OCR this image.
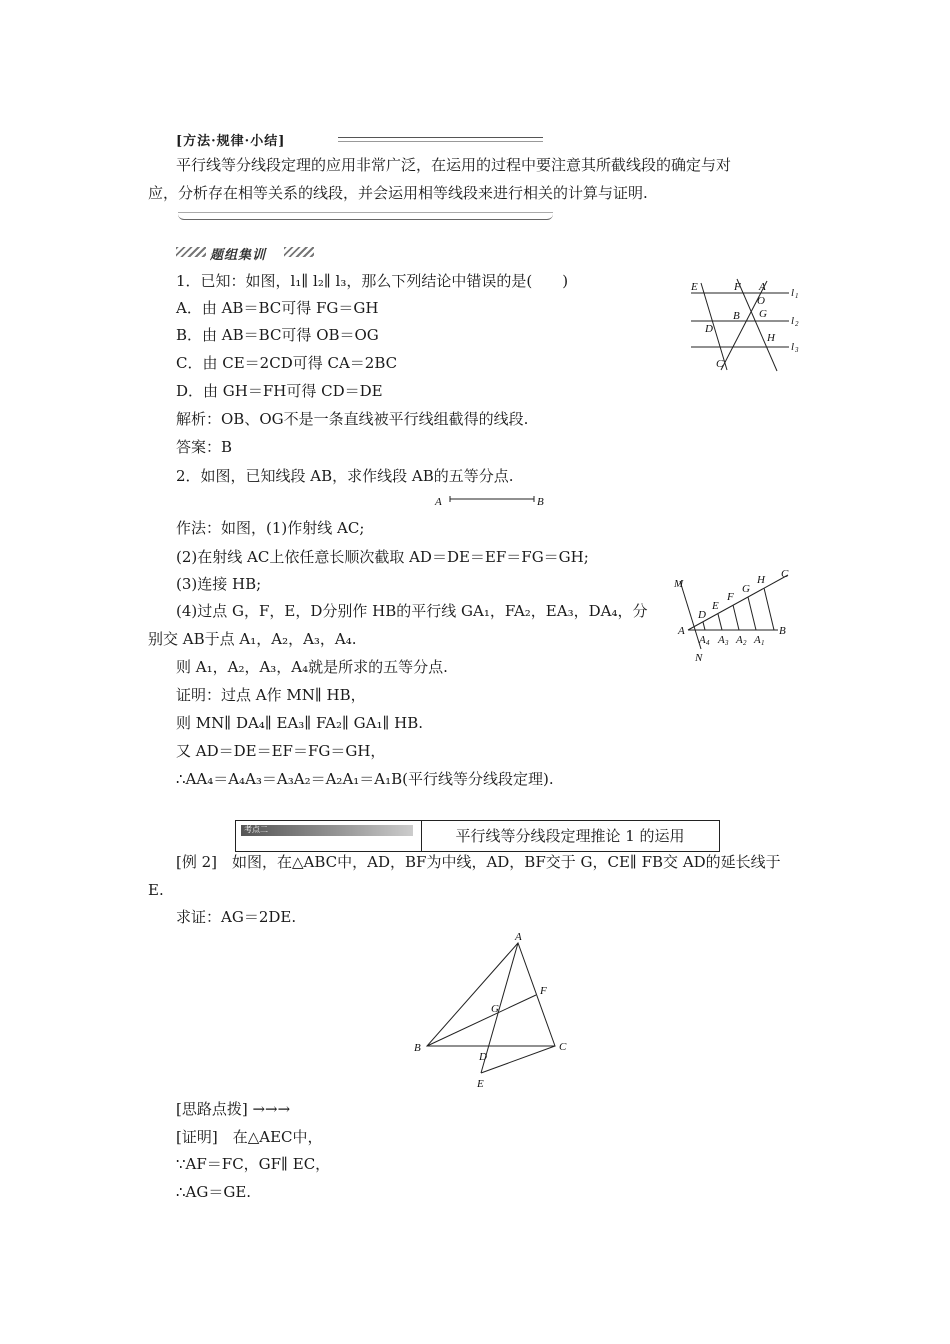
[方法·规律·小结]
平行线等分线段定理的应用非常广泛，在运用的过程中要注意其所截线段的确定与对
应，分析存在相等关系的线段，并会运用相等线段来进行相关的计算与证明.
题组集训
1．已知：如图，l₁∥ l₂∥ l₃，那么下列结论中错误的是(　　)
A．由 AB＝BC可得 FG＝GH
B．由 AB＝BC可得 OB＝OG
C．由 CE＝2CD可得 CA＝2BC
D．由 GH＝FH可得 CD＝DE
解析：OB、OG不是一条直线被平行线组截得的线段.
答案：B
E	F A
O
B G
D
H
C
l 1
l 2
l 3
2．如图，已知线段 AB，求作线段 AB的五等分点.
A	B
作法：如图，(1)作射线 AC;
(2)在射线 AC上依任意长顺次截取 AD＝DE＝EF＝FG＝GH;
(3)连接 HB;
(4)过点 G，F，E，D分别作 HB的平行线 GA₁，FA₂，EA₃，DA₄，分
别交 AB于点 A₁，A₂，A₃，A₄.
则 A₁，A₂，A₃，A₄就是所求的五等分点.
证明：过点 A作 MN∥ HB，
则 MN∥ DA₄∥ EA₃∥ FA₂∥ GA₁∥ HB.
又 AD＝DE＝EF＝FG＝GH，
∴AA₄＝A₄A₃＝A₃A₂＝A₂A₁＝A₁B(平行线等分线段定理).
M
N
A	B
C
D
E
F
G
H
A 4 A 3 A 2 A 1
考点二	平行线等分线段定理推论 1 的运用
[例 2]　如图，在△ABC中，AD，BF为中线，AD，BF交于 G，CE∥ FB交 AD的延长线于
E.
求证：AG＝2DE.
A
B	C
D
E
F
G
[思路点拨] →→→
[证明]　在△AEC中，
∵AF＝FC，GF∥ EC，
∴AG＝GE.
